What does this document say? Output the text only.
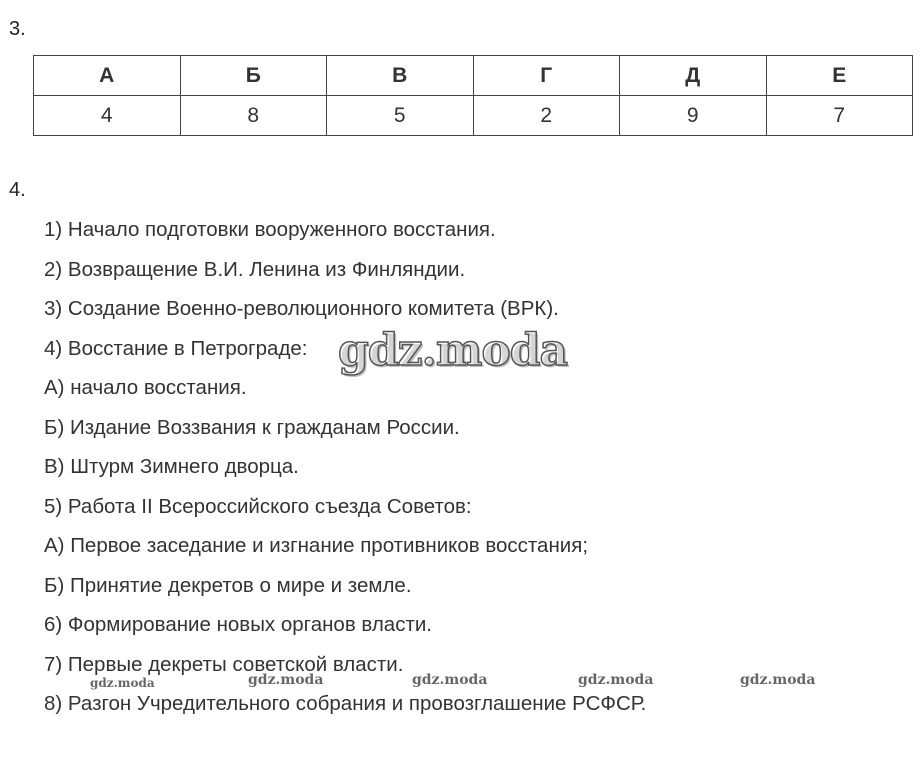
3.
А	Б	В	Г	Д	Е
4	8	5	2	9	7
4.
1) Начало подготовки вооруженного восстания.
2) Возвращение В.И. Ленина из Финляндии.
3) Создание Военно-революционного комитета (ВРК).
4) Восстание в Петрограде:
А) начало восстания.
Б) Издание Воззвания к гражданам России.
В) Штурм Зимнего дворца.
5) Работа II Всероссийского съезда Советов:
А) Первое заседание и изгнание противников восстания;
Б) Принятие декретов о мире и земле.
6) Формирование новых органов власти.
7) Первые декреты советской власти.
8) Разгон Учредительного собрания и провозглашение РСФСР.
gdz.moda
gdz.moda	gdz.moda	gdz.moda	gdz.moda	gdz.moda
